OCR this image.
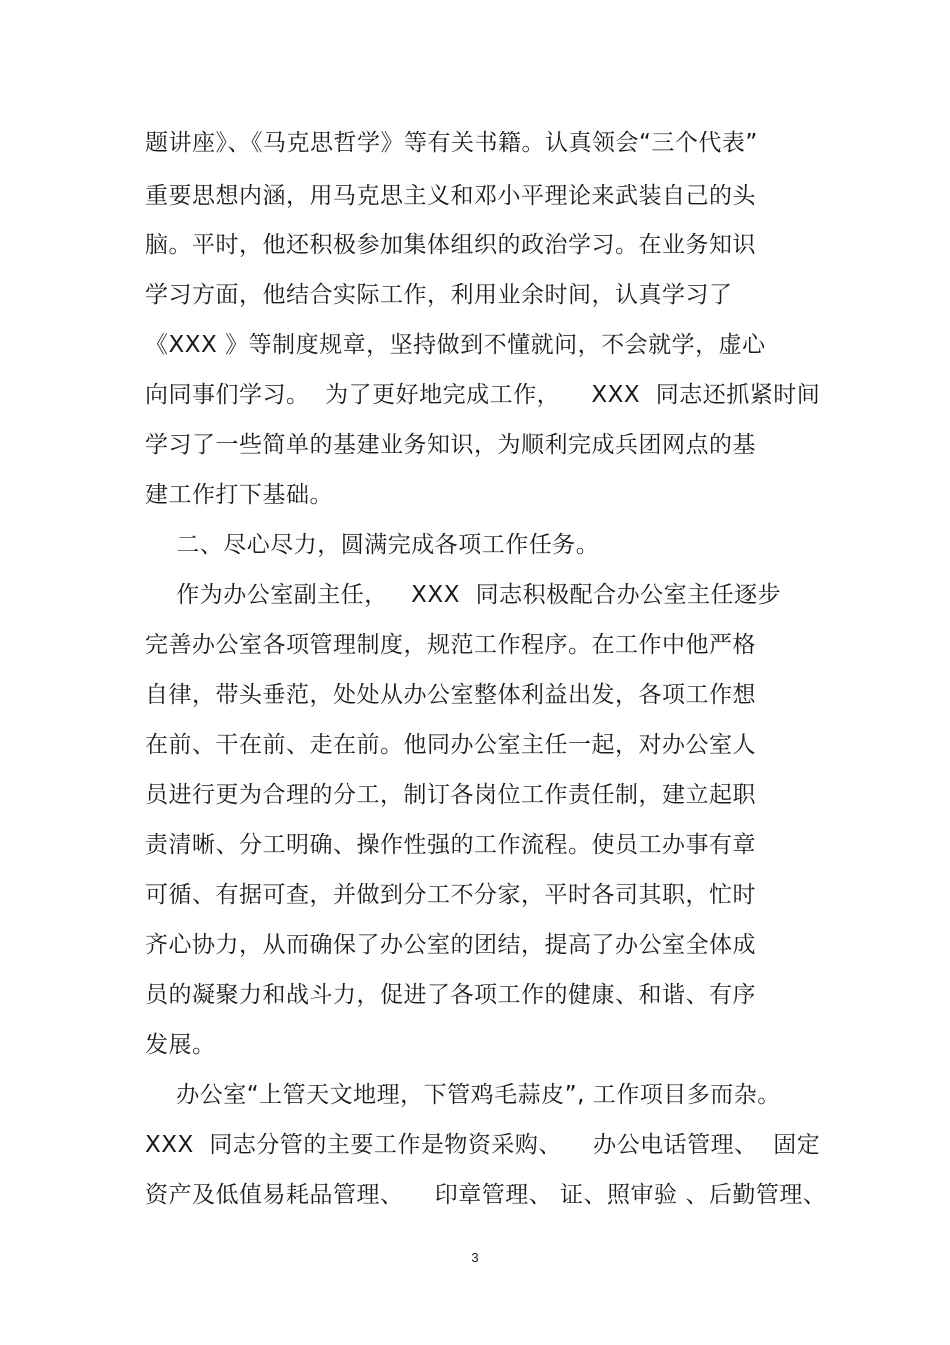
题讲座》、《马克思哲学》等有关书籍。认真领会“三个代表”
重要思想内涵，用马克思主义和邓小平理论来武装自己的头
脑。平时，他还积极参加集体组织的政治学习。在业务知识
学习方面，他结合实际工作，利用业余时间，认真学习了
《XXX 》等制度规章，坚持做到不懂就问，不会就学，虚心
向同事们学习。  为了更好地完成工作，    XXX  同志还抓紧时间
学习了一些简单的基建业务知识，为顺利完成兵团网点的基
建工作打下基础。
二、尽心尽力，圆满完成各项工作任务。
作为办公室副主任，   XXX  同志积极配合办公室主任逐步
完善办公室各项管理制度，规范工作程序。在工作中他严格
自律，带头垂范，处处从办公室整体利益出发，各项工作想
在前、干在前、走在前。他同办公室主任一起，对办公室人
员进行更为合理的分工，制订各岗位工作责任制，建立起职
责清晰、分工明确、操作性强的工作流程。使员工办事有章
可循、有据可查，并做到分工不分家，平时各司其职，忙时
齐心协力，从而确保了办公室的团结，提高了办公室全体成
员的凝聚力和战斗力，促进了各项工作的健康、和谐、有序
发展。
办公室“上管天文地理，下管鸡毛蒜皮”, 工作项目多而杂。
XXX  同志分管的主要工作是物资采购、    办公电话管理、  固定
资产及低值易耗品管理、    印章管理、 证、照审验 、后勤管理、
3
